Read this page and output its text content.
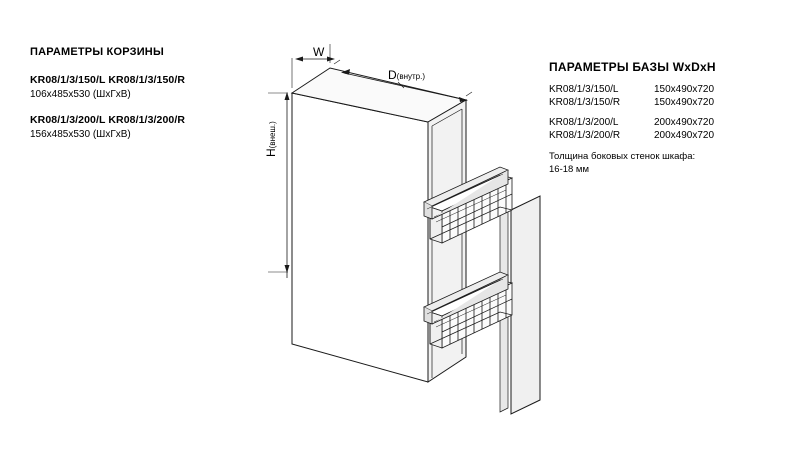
W
D(внутр.)
H(внеш.)
ПАРАМЕТРЫ КОРЗИНЫ
KR08/1/3/150/L KR08/1/3/150/R
106x485x530 (ШхГхВ)
KR08/1/3/200/L KR08/1/3/200/R
156x485x530 (ШхГхВ)
ПАРАМЕТРЫ БАЗЫ WxDxH
KR08/1/3/150/L	150x490x720
KR08/1/3/150/R	150x490x720
KR08/1/3/200/L	200x490x720
KR08/1/3/200/R	200x490x720
Толщина боковых стенок шкафа:
16-18 мм
